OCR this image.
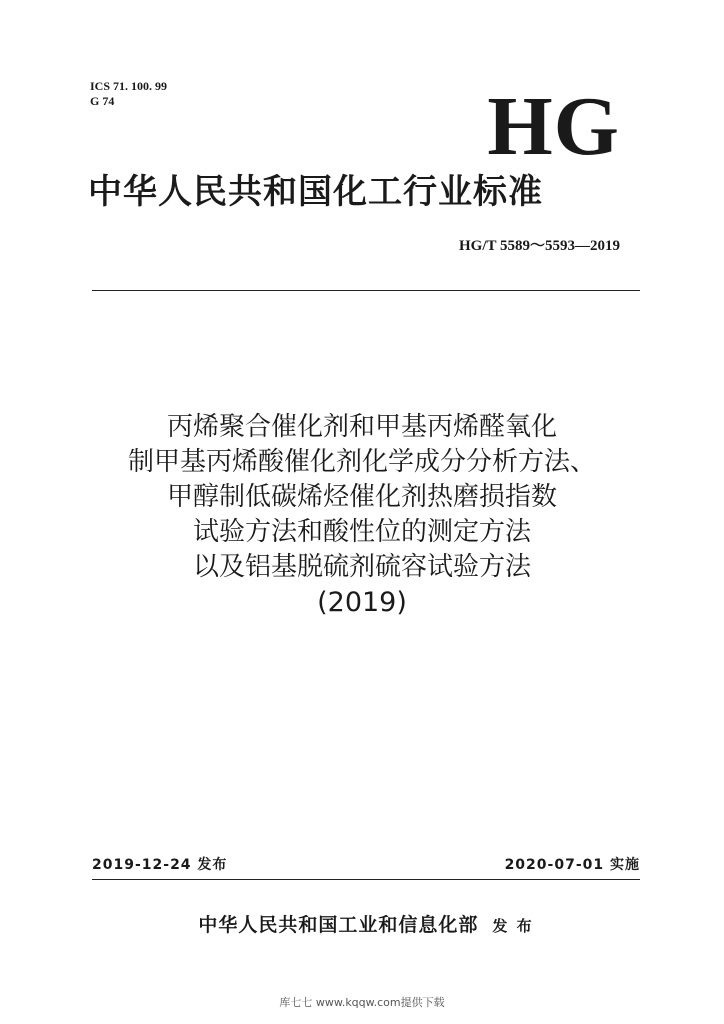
ICS 71. 100. 99
G 74	HG
中华人民共和国化工行业标准
HG/T 5589～5593—2019
丙烯聚合催化剂和甲基丙烯醛氧化
制甲基丙烯酸催化剂化学成分分析方法、
甲醇制低碳烯烃催化剂热磨损指数
试验方法和酸性位的测定方法
以及铝基脱硫剂硫容试验方法
(2019)
2019-12-24 发布	2020-07-01 实施
中华人民共和国工业和信息化部 发 布
库七七 www.kqqw.com提供下载
